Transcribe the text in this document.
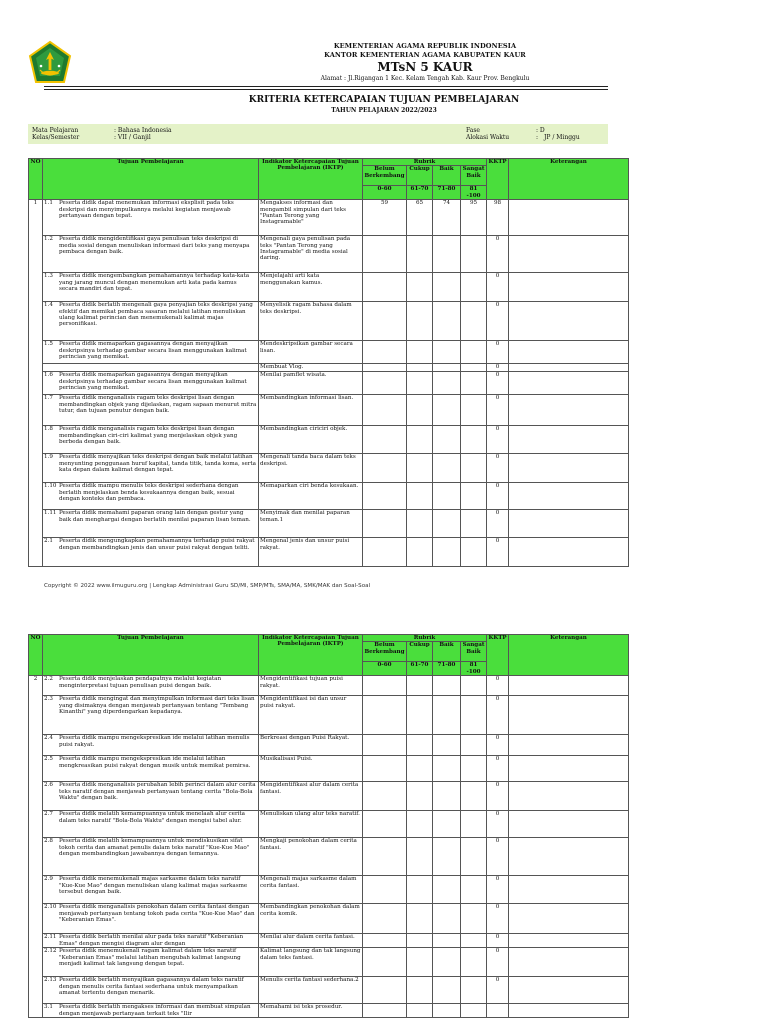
KEMENTERIAN AGAMA REPUBLIK INDONESIA
KANTOR KEMENTERIAN AGAMA KABUPATEN KAUR
MTsN 5 KAUR
Alamat : Jl.Rigangan 1 Kec. Kelam Tengah Kab. Kaur Prov. Bengkulu
KRITERIA KETERCAPAIAN TUJUAN PEMBELAJARAN
TAHUN PELAJARAN 2022/2023
Mata Pelajaran	: Bahasa Indonesia
Kelas/Semester	: VII / Ganjil
Fase	: D
Alokasi Waktu	: JP / Minggu
NO	Tujuan Pembelajaran	Indikator Ketercapaian Tujuan Pembelajaran (IKTP)	Rubrik				KKTP	Keterangan
			Belum Berkembang	Cukup	Baik	Sangat Baik		
			0-60	61-70	71-80	81 -100		
1	1.1 Peserta didik dapat menemukan informasi eksplisit pada teks deskripsi dan menyimpulkannya melalui kegiatan menjawab pertanyaan dengan tepat.	Mengakses informasi dan mengambil simpulan dari teks "Pantan Terong yang Instagramable"	59	65	74	95	98	

	1.2 Peserta didik mengidentifikasi gaya penulisan teks deskripsi di media sosial dengan menuliskan informasi dari teks yang menyapa pembaca dengan baik.	Mengenali gaya penulisan pada teks "Pantan Terong yang Instagramable" di media sosial daring.					0	

	1.3 Peserta didik mengembangkan pemahamannya terhadap kata-kata yang jarang muncul dengan menemukan arti kata pada kamus secara mandiri dan tepat.	Menjelajahi arti kata menggunakan kamus.					0	

	1.4 Peserta didik berlatih mengenali gaya penyajian teks deskripsi yang efektif dan memikat pembaca sasaran melalui latihan menuliskan ulang kalimat perincian dan menemukenali kalimat majas personifikasi.	Menyelisik ragam bahasa dalam teks deskripsi.					0	

	1.5 Peserta didik memaparkan gagasannya dengan menyajikan deskripsinya terhadap gambar secara lisan menggunakan kalimat perincian yang memikat.	Mendeskripsikan gambar secara lisan.					0	

		Membuat Vlog.					0	

	1.6 Peserta didik memaparkan gagasannya dengan menyajikan deskripsinya terhadap gambar secara lisan menggunakan kalimat perincian yang memikat.	Menilai pamflet wisata.					0	

	1.7 Peserta didik menganalisis ragam teks deskripsi lisan dengan membandingkan objek yang dijelaskan, ragam sapaan menurut mitra tutur, dan tujuan penutur dengan baik.	Membandingkan informasi lisan.					0	

	1.8 Peserta didik menganalisis ragam teks deskripsi lisan dengan membandingkan ciri-ciri kalimat yang menjelaskan objek yang berbeda dengan baik.	Membandingkan ciriciri objek.					0	

	1.9 Peserta didik menyajikan teks deskripsi dengan baik melalui latihan menyunting penggunaan huruf kapital, tanda titik, tanda koma, serta kata depan dalam kalimat dengan tepat.	Mengenali tanda baca dalam teks deskripsi.					0	

	1.10 Peserta didik mampu menulis teks deskripsi sederhana dengan berlatih menjelaskan benda kesukaannya dengan baik, sesuai dengan konteks dan pembaca.	Memaparkan ciri benda kesukaan.					0	

	1.11 Peserta didik memahami paparan orang lain dengan gestur yang baik dan menghargai dengan berlatih menilai paparan lisan teman.	Menyimak dan menilai paparan teman.1					0	

	2.1 Peserta didik mengungkapkan pemahamannya terhadap puisi rakyat dengan membandingkan jenis dan unsur puisi rakyat dengan teliti.	Mengenal jenis dan unsur puisi rakyat.					0	
Copyright © 2022 www.ilmuguru.org | Lengkap Administrasi Guru SD/MI, SMP/MTs, SMA/MA, SMK/MAK dan Soal-Soal
NO	Tujuan Pembelajaran	Indikator Ketercapaian Tujuan Pembelajaran (IKTP)	Rubrik				KKTP	Keterangan
			Belum Berkembang	Cukup	Baik	Sangat Baik		
			0-60	61-70	71-80	81 -100		
2	2.2 Peserta didik menjelaskan pendapatnya melalui kegiatan menginterpretasi tujuan penulisan puisi dengan baik.	Mengidentifikasi tujuan puisi rakyat.					0	

	2.3 Peserta didik mengingat dan menyimpulkan informasi dari teks lisan yang disimaknya dengan menjawab pertanyaan tentang "Tembang Kinanthi" yang diperdengarkan kepadanya.	Mengidentifikasi isi dan unsur puisi rakyat.					0	

	2.4 Peserta didik mampu mengekspresikan ide melalui latihan menulis puisi rakyat.	Berkreasi dengan Puisi Rakyat.					0	

	2.5 Peserta didik mampu mengekspresikan ide melalui latihan mengkreasikan puisi rakyat dengan musik untuk memikat pemirsa.	Musikalisasi Puisi.					0	

	2.6 Peserta didik menganalisis perubahan lebih perinci dalam alur cerita teks naratif dengan menjawab pertanyaan tentang cerita "Bola-Bola Waktu" dengan baik.	Mengidentifikasi alur dalam cerita fantasi.					0	

	2.7 Peserta didik melatih kemampuannya untuk menelaah alur cerita dalam teks naratif "Bola-Bola Waktu" dengan mengisi tabel alur.	Menuliskan ulang alur teks naratif.					0	

	2.8 Peserta didik melatih kemampuannya untuk mendiskusikan sifat tokoh cerita dan amanat penulis dalam teks naratif "Kue-Kue Mao" dengan membandingkan jawabannya dengan temannya.	Mengkaji penokohan dalam cerita fantasi.					0	

	2.9 Peserta didik menemukenali majas sarkasme dalam teks naratif "Kue-Kue Mao" dengan menuliskan ulang kalimat majas sarkasme tersebut dengan baik.	Mengenali majas sarkasme dalam cerita fantasi.					0	

	2.10 Peserta didik menganalisis penokohan dalam cerita fantasi dengan menjawab pertanyaan tentang tokoh pada cerita "Kue-Kue Mao" dan "Keberanian Emas".	Membandingkan penokohan dalam cerita komik.					0	

	2.11 Peserta didik berlatih menilai alur pada teks naratif "Keberanian Emas" dengan mengisi diagram alur dengan	Menilai alur dalam cerita fantasi.					0	

	2.12 Peserta didik menemukenali ragam kalimat dalam teks naratif "Keberanian Emas" melalui latihan mengubah kalimat langsung menjadi kalimat tak langsung dengan tepat.	Kalimat langsung dan tak langsung dalam teks fantasi.					0	

	2.13 Peserta didik berlatih menyajikan gagasannya dalam teks naratif dengan menulis cerita fantasi sederhana untuk menyampaikan amanat tertentu dengan menarik.	Menulis cerita fantasi sederhana.2					0	

	3.1 Peserta didik berlatih mengakses informasi dan membuat simpulan dengan menjawab pertanyaan terkait teks "Ilir	Memahami isi teks prosedur.						
